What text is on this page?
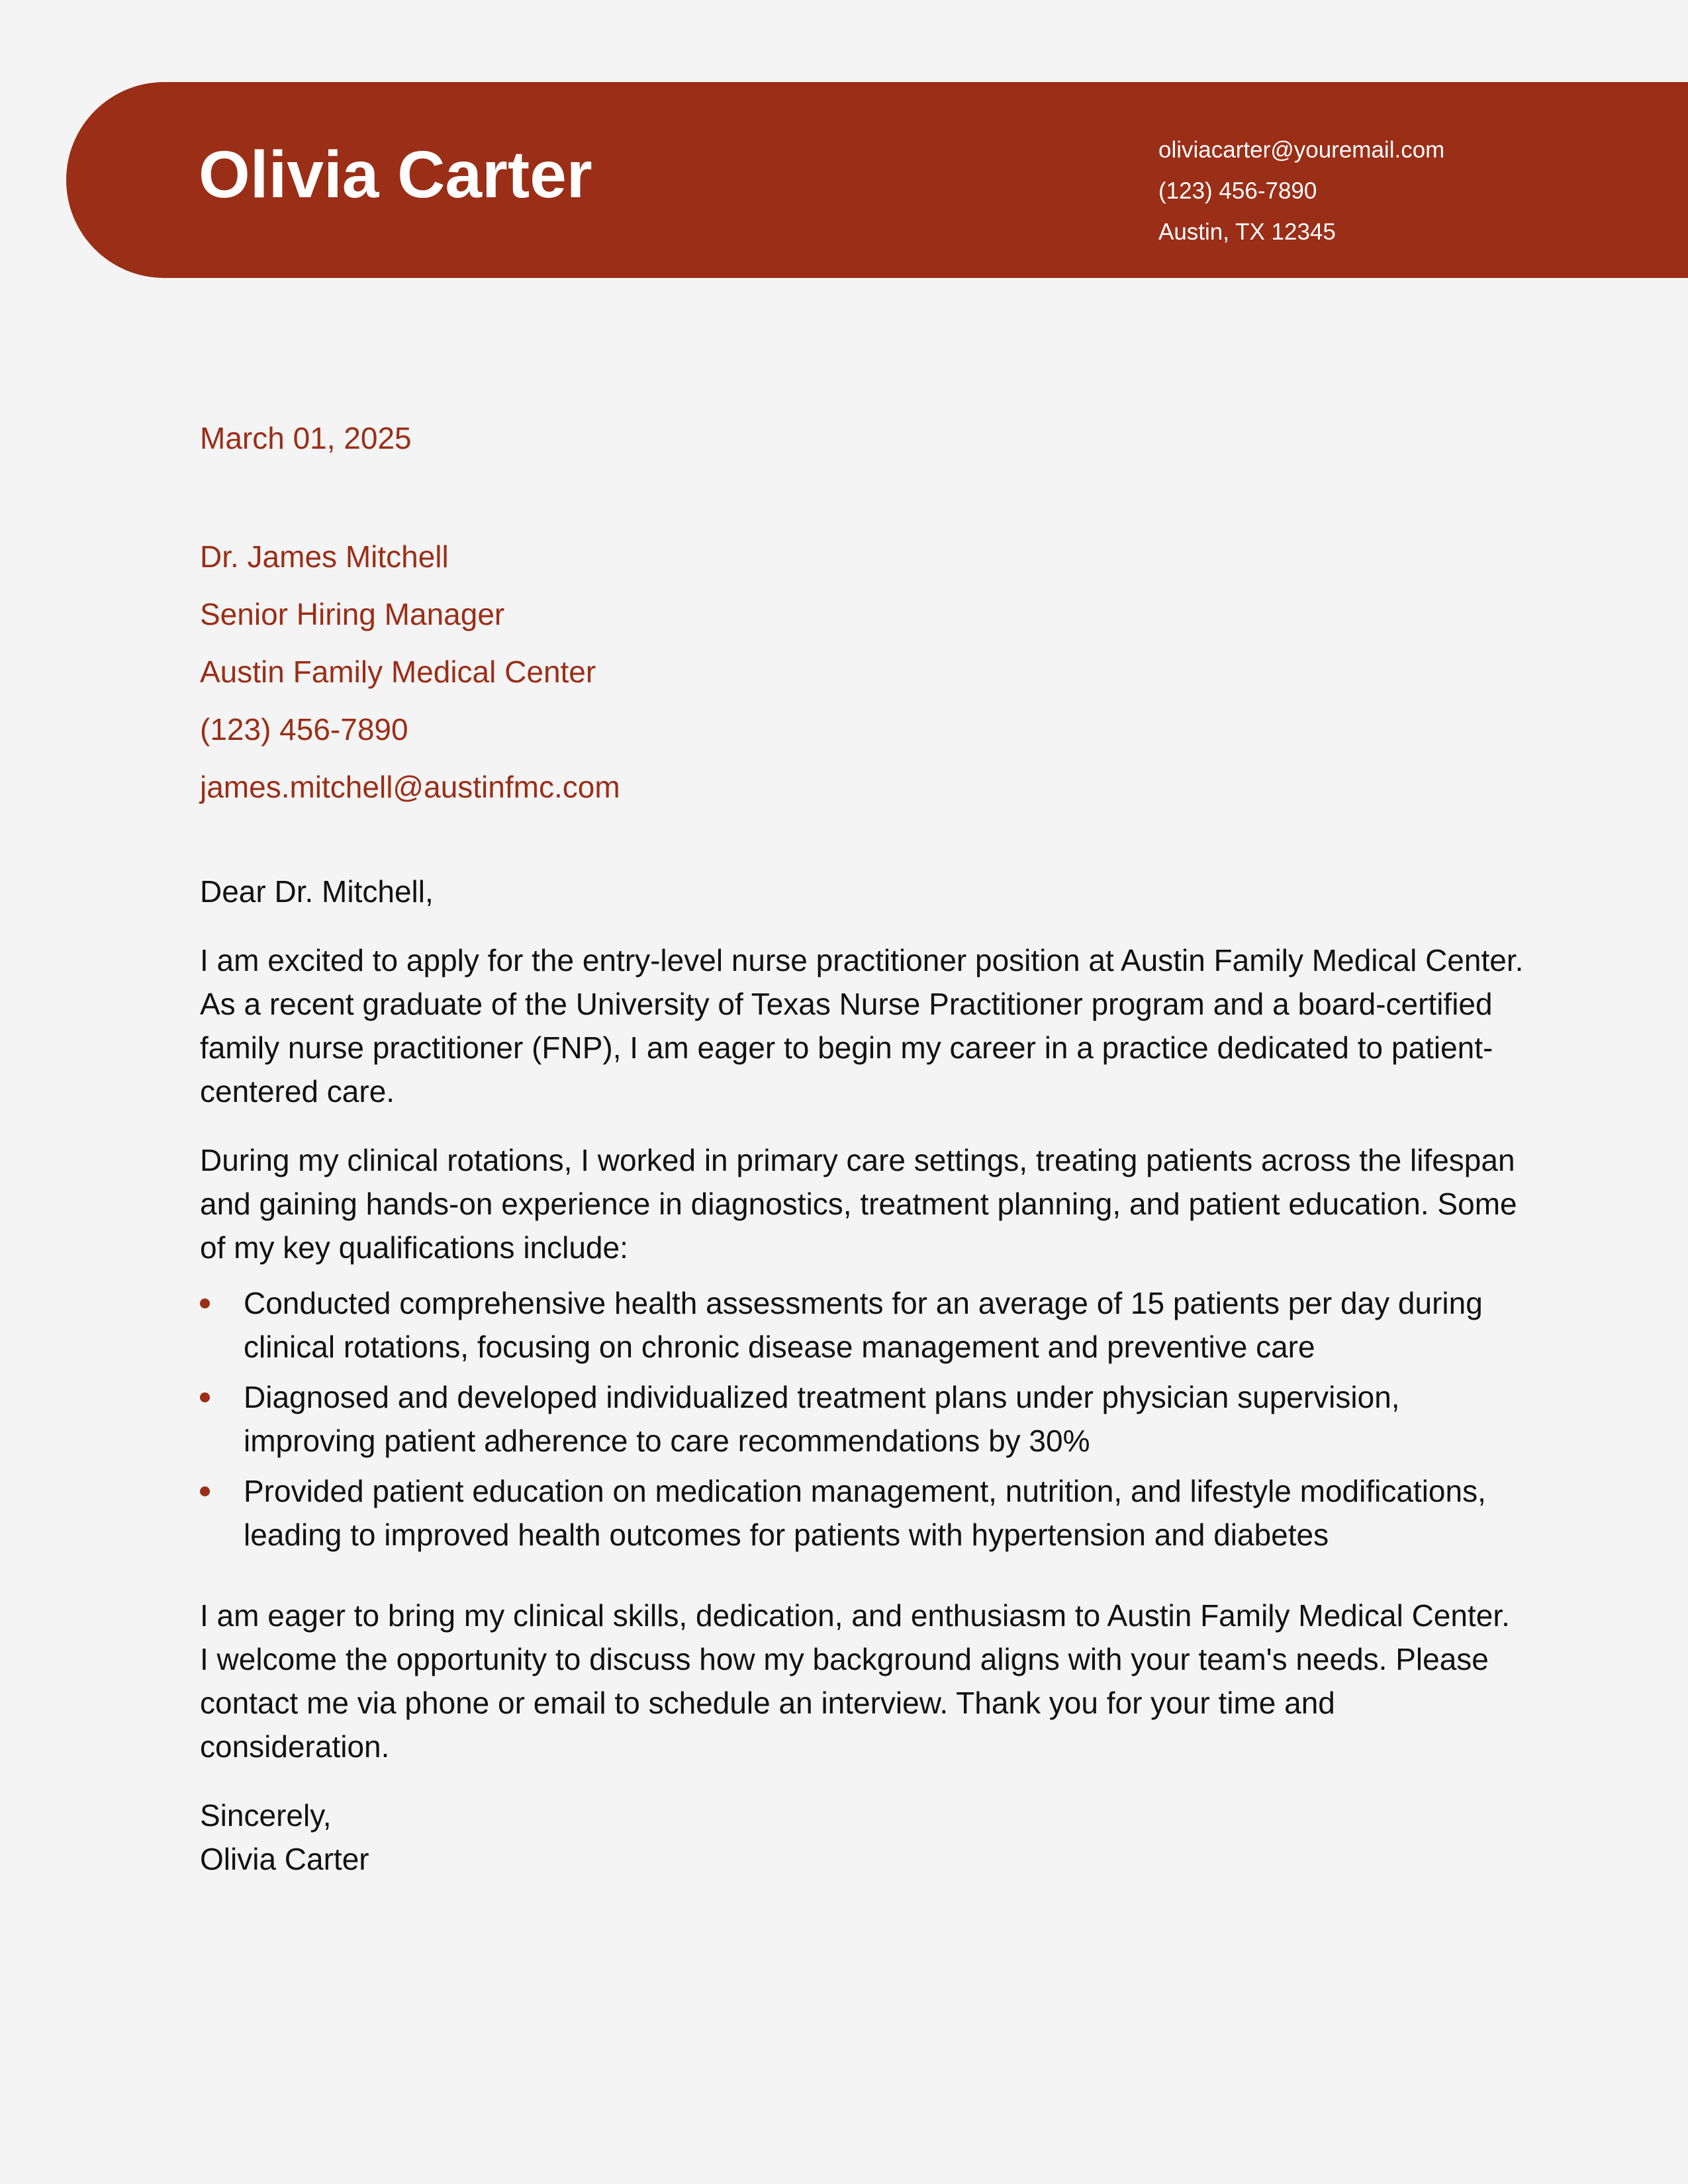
Olivia Carter	oliviacarter@youremail.com
(123) 456-7890
Austin, TX 12345
March 01, 2025
Dr. James Mitchell
Senior Hiring Manager
Austin Family Medical Center
(123) 456-7890
james.mitchell@austinfmc.com

Dear Dr. Mitchell,

I am excited to apply for the entry-level nurse practitioner position at Austin Family Medical Center. As a recent graduate of the University of Texas Nurse Practitioner program and a board-certified family nurse practitioner (FNP), I am eager to begin my career in a practice dedicated to patient-centered care.

During my clinical rotations, I worked in primary care settings, treating patients across the lifespan and gaining hands-on experience in diagnostics, treatment planning, and patient education. Some of my key qualifications include:

Conducted comprehensive health assessments for an average of 15 patients per day during clinical rotations, focusing on chronic disease management and preventive care
Diagnosed and developed individualized treatment plans under physician supervision, improving patient adherence to care recommendations by 30%
Provided patient education on medication management, nutrition, and lifestyle modifications, leading to improved health outcomes for patients with hypertension and diabetes

I am eager to bring my clinical skills, dedication, and enthusiasm to Austin Family Medical Center. I welcome the opportunity to discuss how my background aligns with your team's needs. Please contact me via phone or email to schedule an interview. Thank you for your time and consideration.

Sincerely,

Olivia Carter
